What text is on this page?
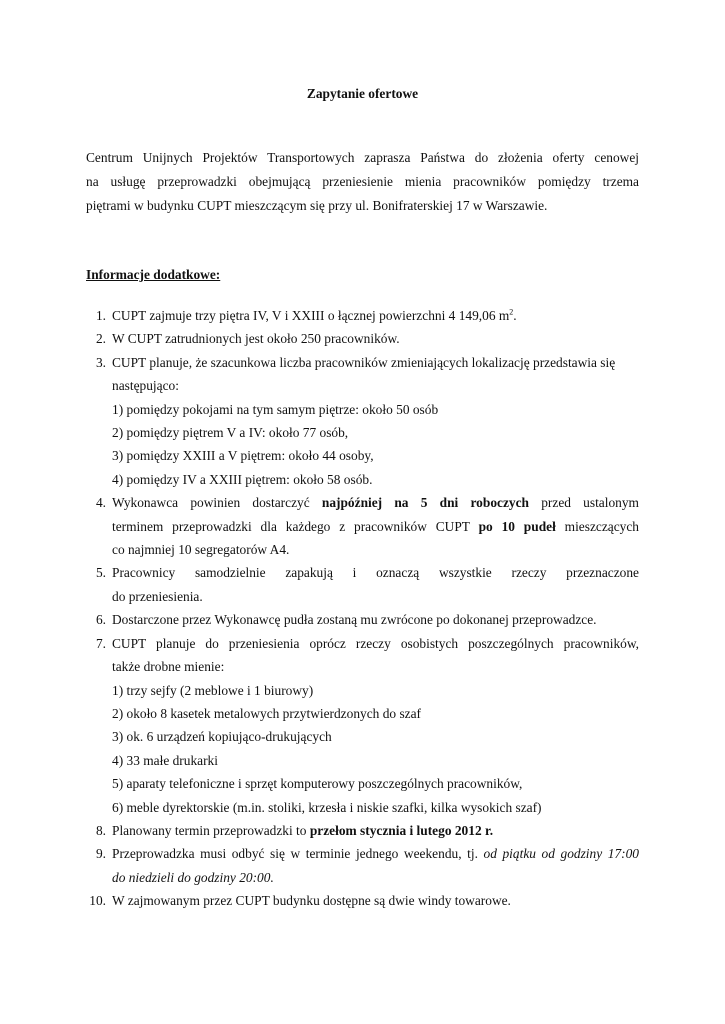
Zapytanie ofertowe
Centrum Unijnych Projektów Transportowych zaprasza Państwa do złożenia oferty cenowej
na usługę przeprowadzki obejmującą przeniesienie mienia pracowników pomiędzy trzema
piętrami w budynku CUPT mieszczącym się przy ul. Bonifraterskiej 17 w Warszawie.
Informacje dodatkowe:
1. CUPT zajmuje trzy piętra IV, V i XXIII o łącznej powierzchni 4 149,06 $m^2$.
2. W CUPT zatrudnionych jest około 250 pracowników.
3. CUPT planuje, że szacunkowa liczba pracowników zmieniających lokalizację przedstawia się
następująco:
1) pomiędzy pokojami na tym samym piętrze: około 50 osób
2) pomiędzy piętrem V a IV: około 77 osób,
3) pomiędzy XXIII a V piętrem: około 44 osoby,
4) pomiędzy IV a XXIII piętrem: około 58 osób.
4. Wykonawca powinien dostarczyć najpóźniej na 5 dni roboczych przed ustalonym
terminem przeprowadzki dla każdego z pracowników CUPT po 10 pudeł mieszczących
co najmniej 10 segregatorów A4.
5. Pracownicy samodzielnie zapakują i oznaczą wszystkie rzeczy przeznaczone
do przeniesienia.
6. Dostarczone przez Wykonawcę pudła zostaną mu zwrócone po dokonanej przeprowadzce.
7. CUPT planuje do przeniesienia oprócz rzeczy osobistych poszczególnych pracowników,
także drobne mienie:
1) trzy sejfy (2 meblowe i 1 biurowy)
2) około 8 kasetek metalowych przytwierdzonych do szaf
3) ok. 6 urządzeń kopiująco-drukujących
4) 33 małe drukarki
5) aparaty telefoniczne i sprzęt komputerowy poszczególnych pracowników,
6) meble dyrektorskie (m.in. stoliki, krzesła i niskie szafki, kilka wysokich szaf)
8. Planowany termin przeprowadzki to przełom stycznia i lutego 2012 r.
9. Przeprowadzka musi odbyć się w terminie jednego weekendu, tj. od piątku od godziny 17:00
do niedzieli do godziny 20:00.
10. W zajmowanym przez CUPT budynku dostępne są dwie windy towarowe.
